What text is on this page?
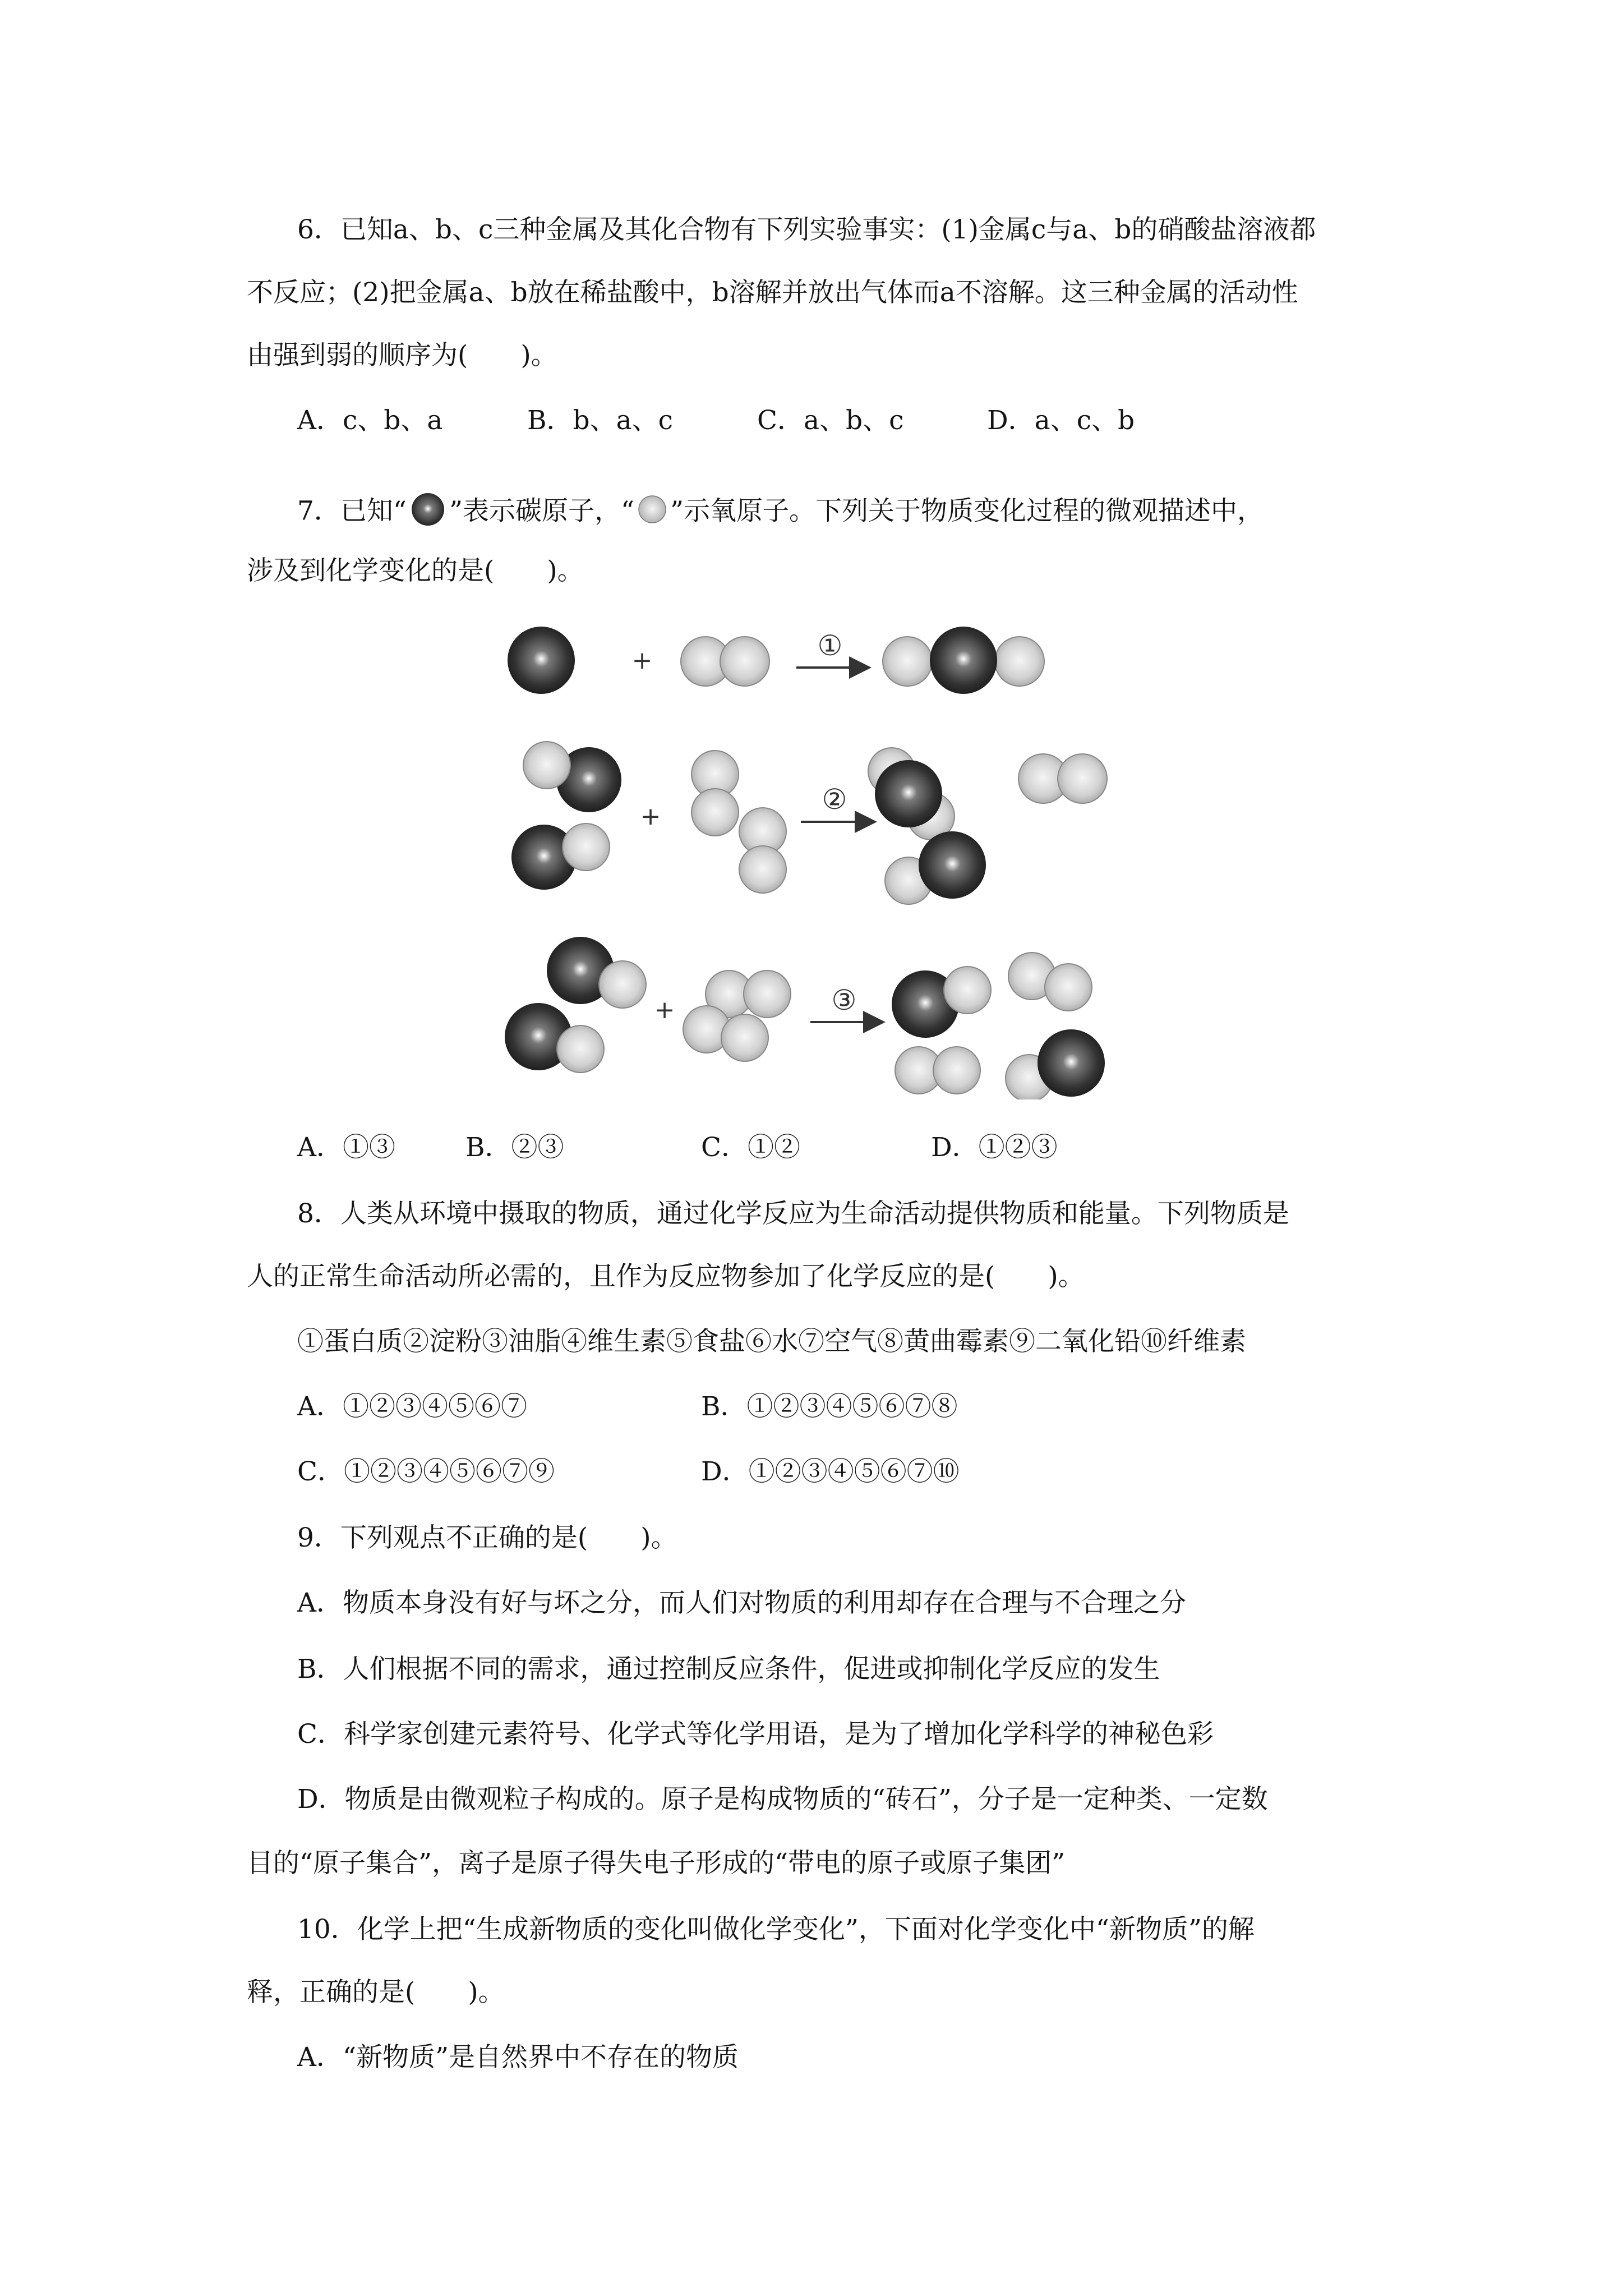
6．已知a、b、c三种金属及其化合物有下列实验事实：(1)金属c与a、b的硝酸盐溶液都
不反应；(2)把金属a、b放在稀盐酸中，b溶解并放出气体而a不溶解。这三种金属的活动性
由强到弱的顺序为(　　)。
A．c、b、a	B．b、a、c	C．a、b、c	D．a、c、b
7．已知“ ”表示碳原子，“ ”示氧原子。下列关于物质变化过程的微观描述中，
涉及到化学变化的是(　　)。
+	①
+
②
+	③
A．①③	B．②③	C．①②	D．①②③
8．人类从环境中摄取的物质，通过化学反应为生命活动提供物质和能量。下列物质是
人的正常生命活动所必需的，且作为反应物参加了化学反应的是(　　)。
①蛋白质②淀粉③油脂④维生素⑤食盐⑥水⑦空气⑧黄曲霉素⑨二氧化铅⑩纤维素
A．①②③④⑤⑥⑦	B．①②③④⑤⑥⑦⑧
C．①②③④⑤⑥⑦⑨	D．①②③④⑤⑥⑦⑩
9．下列观点不正确的是(　　)。
A．物质本身没有好与坏之分，而人们对物质的利用却存在合理与不合理之分
B．人们根据不同的需求，通过控制反应条件，促进或抑制化学反应的发生
C．科学家创建元素符号、化学式等化学用语，是为了增加化学科学的神秘色彩
D．物质是由微观粒子构成的。原子是构成物质的“砖石”，分子是一定种类、一定数
目的“原子集合”，离子是原子得失电子形成的“带电的原子或原子集团”
10．化学上把“生成新物质的变化叫做化学变化”，下面对化学变化中“新物质”的解
释，正确的是(　　)。
A．“新物质”是自然界中不存在的物质
